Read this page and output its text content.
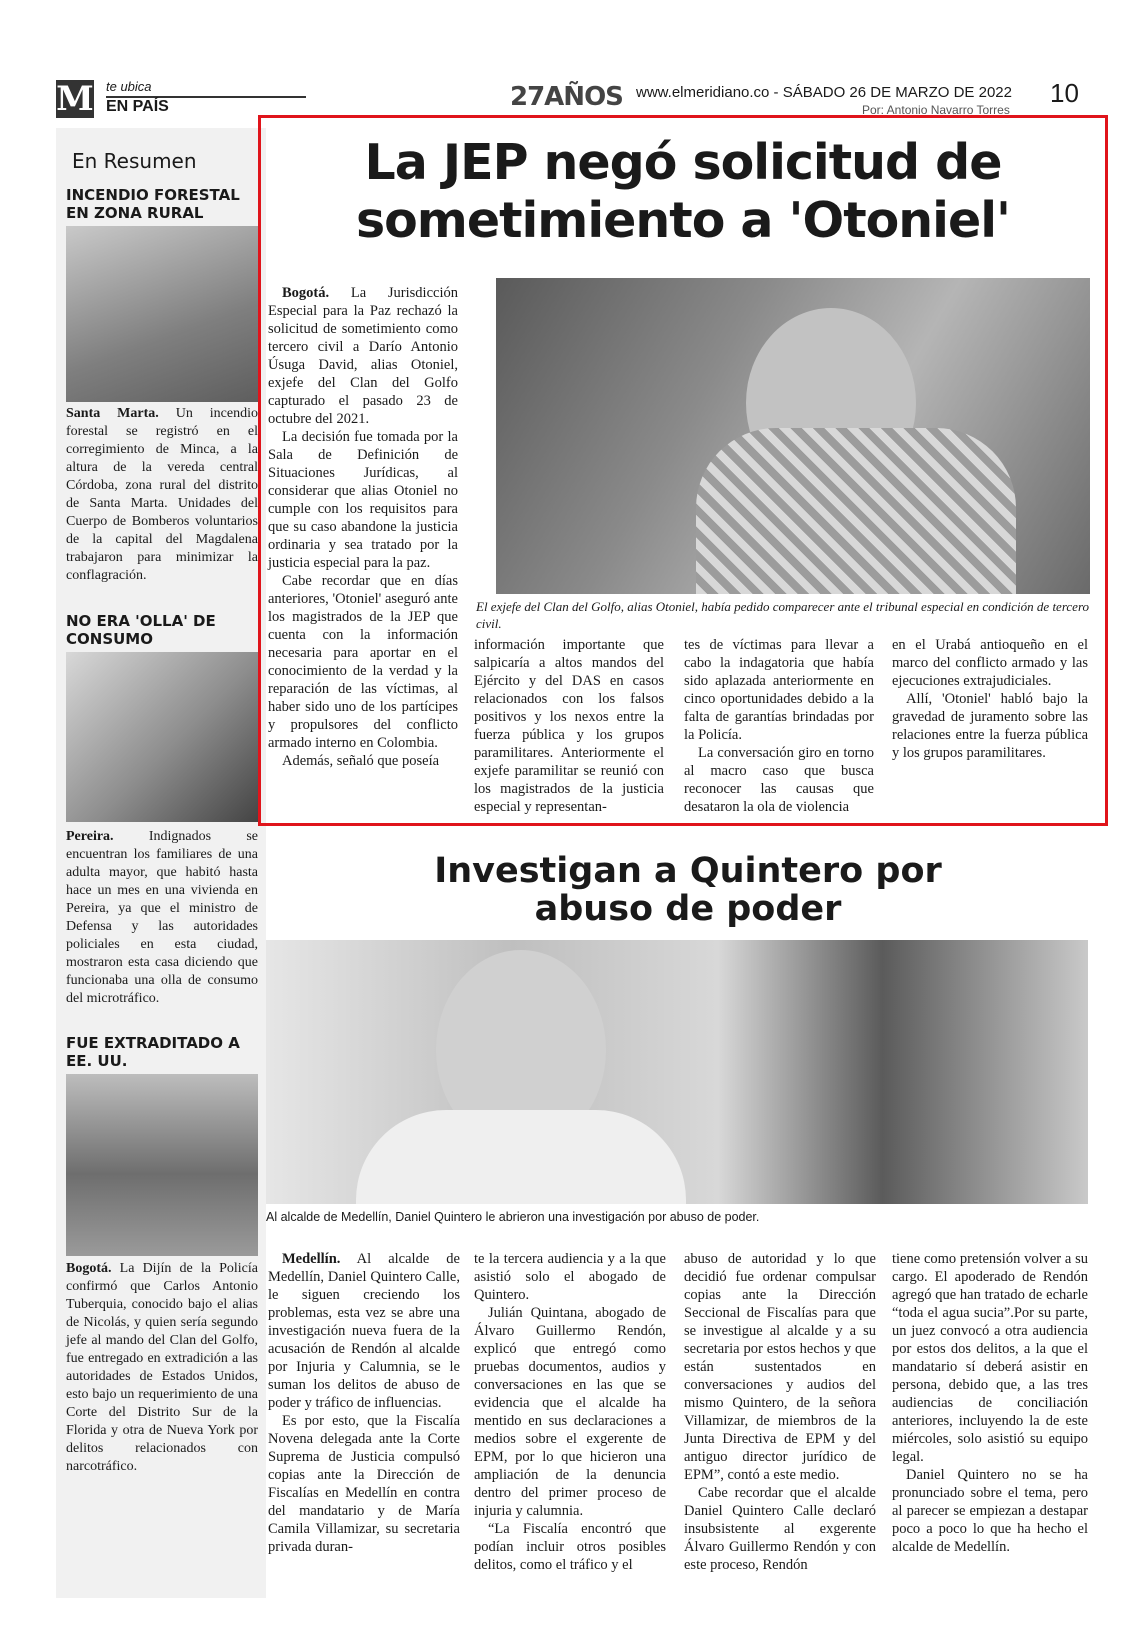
M te ubica
EN PAÍS	27AÑOS www.elmeridiano.co - SÁBADO 26 DE MARZO DE 2022 10
Por: Antonio Navarro Torres
En Resumen
INCENDIO FORESTAL EN ZONA RURAL
Santa Marta. Un incendio forestal se registró en el corregimiento de Minca, a la altura de la vereda central Córdoba, zona rural del distrito de Santa Marta. Unidades del Cuerpo de Bomberos voluntarios de la capital del Magdalena trabajaron para minimizar la conflagración.
NO ERA 'OLLA' DE CONSUMO
Pereira.	Indignados se encuentran los familiares de una adulta mayor, que habitó hasta hace un mes en una vivienda en Pereira, ya que el ministro de Defensa y las autoridades policiales en esta ciudad, mostraron esta casa diciendo que funcionaba una olla de consumo del microtráfico.
FUE EXTRADITADO A EE. UU.
Bogotá. La Dijín de la Policía confirmó que Carlos Antonio Tuberquia, conocido bajo el alias de Nicolás, y quien sería segundo jefe al mando del Clan del Golfo, fue entregado en extradición a las autoridades de Estados Unidos, esto bajo un requerimiento de una Corte del Distrito Sur de la Florida y otra de Nueva York por delitos relacionados con narcotráfico.
La JEP negó solicitud de sometimiento a 'Otoniel'

Bogotá. La Jurisdicción Especial para la Paz rechazó la solicitud de sometimiento como tercero civil a Darío Antonio Úsuga David, alias Otoniel, exjefe del Clan del Golfo capturado el pasado 23 de octubre del 2021.

La decisión fue tomada por la Sala de Definición de Situaciones Jurídicas, al considerar que alias Otoniel no cumple con los requisitos para que su caso abandone la justicia ordinaria y sea tratado por la justicia especial para la paz.

Cabe recordar que en días anteriores, 'Otoniel' aseguró ante los magistrados de la JEP que cuenta con la información necesaria para aportar en el conocimiento de la verdad y la reparación de las víctimas, al haber sido uno de los partícipes y propulsores del conflicto armado interno en Colombia.

Además, señaló que poseía

El exjefe del Clan del Golfo, alias Otoniel, había pedido comparecer ante el tribunal especial en condición de tercero civil.

información importante que salpicaría a altos mandos del Ejército y del DAS en casos relacionados con los falsos positivos y los nexos entre la fuerza pública y los grupos paramilitares. Anteriormente el exjefe paramilitar se reunió con los magistrados de la justicia especial y representan-

tes de víctimas para llevar a cabo la indagatoria que había sido aplazada anteriormente en cinco oportunidades debido a la falta de garantías brindadas por la Policía.

La conversación giro en torno al macro caso que busca reconocer las causas que desataron la ola de violencia

en el Urabá antioqueño en el marco del conflicto armado y las ejecuciones extrajudiciales.

Allí, 'Otoniel' habló bajo la gravedad de juramento sobre las relaciones entre la fuerza pública y los grupos paramilitares.

Investigan a Quintero por
abuso de poder
Al alcalde de Medellín, Daniel Quintero le abrieron una investigación por abuso de poder.

Medellín. Al alcalde de Medellín, Daniel Quintero Calle, le siguen creciendo los problemas, esta vez se abre una investigación nueva fuera de la acusación de Rendón al alcalde por Injuria y Calumnia, se le suman los delitos de abuso de poder y tráfico de influencias.

Es por esto, que la Fiscalía Novena delegada ante la Corte Suprema de Justicia compulsó copias ante la Dirección de Fiscalías en Medellín en contra del mandatario y de María Camila Villamizar, su secretaria privada duran-

te la tercera audiencia y a la que asistió solo el abogado de Quintero.

Julián Quintana, abogado de Álvaro Guillermo Rendón, explicó que entregó como pruebas documentos, audios y conversaciones en las que se evidencia que el alcalde ha mentido en sus declaraciones a medios sobre el exgerente de EPM, por lo que hicieron una ampliación de la denuncia dentro del primer proceso de injuria y calumnia.

“La Fiscalía encontró que podían incluir otros posibles delitos, como el tráfico y el

abuso de autoridad y lo que decidió fue ordenar compulsar copias ante la Dirección Seccional de Fiscalías para que se investigue al alcalde y a su secretaria por estos hechos y que están sustentados en conversaciones y audios del mismo Quintero, de la señora Villamizar, de miembros de la Junta Directiva de EPM y del antiguo director jurídico de EPM”, contó a este medio.

Cabe recordar que el alcalde Daniel Quintero Calle declaró insubsistente al exgerente Álvaro Guillermo Rendón y con este proceso, Rendón

tiene como pretensión volver a su cargo. El apoderado de Rendón agregó que han tratado de echarle “toda el agua sucia”.Por su parte, un juez convocó a otra audiencia por estos dos delitos, a la que el mandatario sí deberá asistir en persona, debido que, a las tres audiencias de conciliación anteriores, incluyendo la de este miércoles, solo asistió su equipo legal.

Daniel Quintero no se ha pronunciado sobre el tema, pero al parecer se empiezan a destapar poco a poco lo que ha hecho el alcalde de Medellín.
